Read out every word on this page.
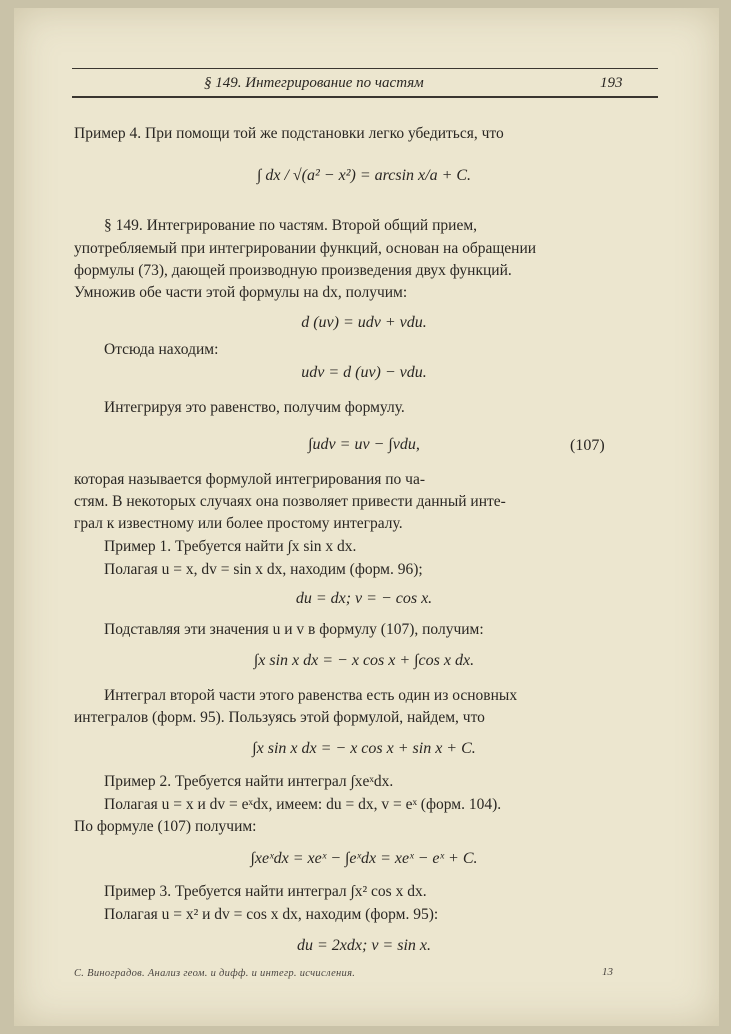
§ 149. Интегрирование по частям	193
Пример 4. При помощи той же подстановки легко убедиться, что
∫ dx / √(a² − x²) = arcsin x/a + C.
§ 149. Интегрирование по частям. Второй общий прием,
употребляемый при интегрировании функций, основан на обращении
формулы (73), дающей производную произведения двух функций.
Умножив обе части этой формулы на dx, получим:
d (uv) = udv + vdu.
Отсюда находим:
udv = d (uv) − vdu.
Интегрируя это равенство, получим формулу.
∫udv = uv − ∫vdu,	(107)
которая называется формулой интегрирования по ча-
стям. В некоторых случаях она позволяет привести данный инте-
грал к известному или более простому интегралу.
Пример 1. Требуется найти ∫x sin x dx.
Полагая u = x, dv = sin x dx, находим (форм. 96);
du = dx; v = − cos x.
Подставляя эти значения u и v в формулу (107), получим:
∫x sin x dx = − x cos x + ∫cos x dx.
Интеграл второй части этого равенства есть один из основных
интегралов (форм. 95). Пользуясь этой формулой, найдем, что
∫x sin x dx = − x cos x + sin x + C.
Пример 2. Требуется найти интеграл ∫xeˣdx.
Полагая u = x и dv = eˣdx, имеем: du = dx, v = eˣ (форм. 104).
По формуле (107) получим:
∫xeˣdx = xeˣ − ∫eˣdx = xeˣ − eˣ + C.
Пример 3. Требуется найти интеграл ∫x² cos x dx.
Полагая u = x² и dv = cos x dx, находим (форм. 95):
du = 2xdx; v = sin x.
С. Виноградов. Анализ геом. и дифф. и интегр. исчисления.	13
